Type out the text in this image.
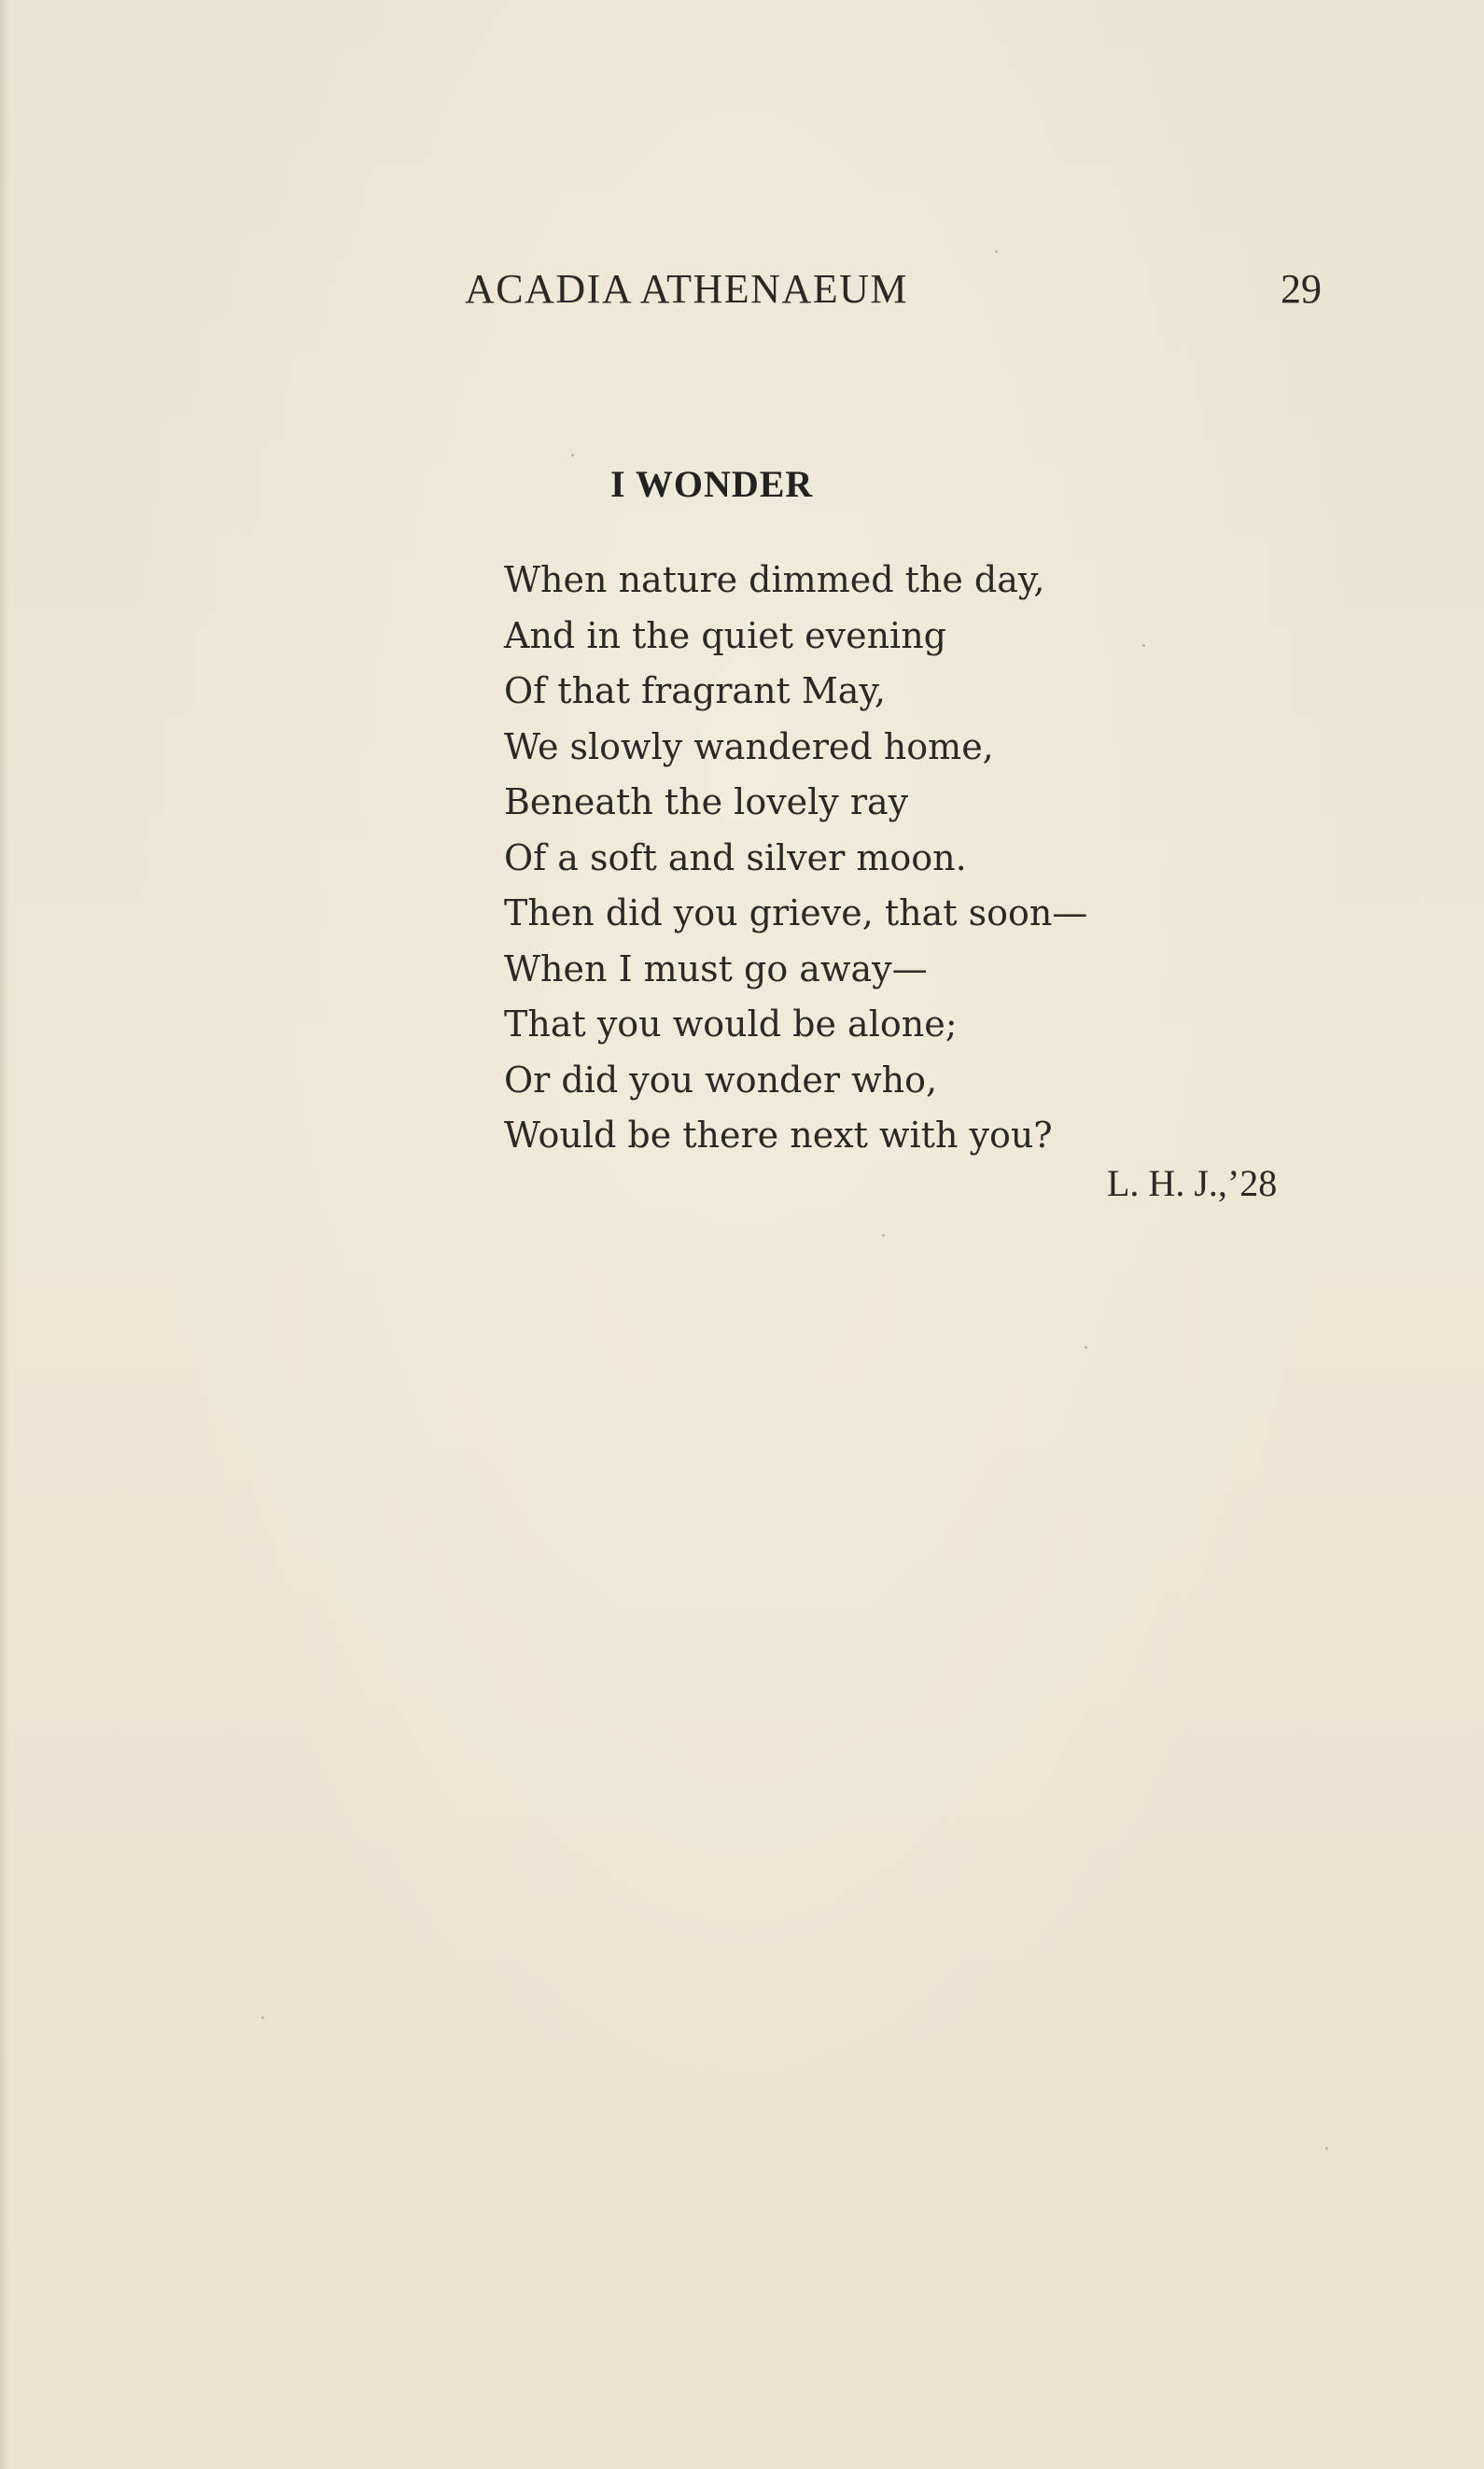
ACADIA ATHENAEUM	29
I WONDER
When nature dimmed the day,
And in the quiet evening
Of that fragrant May,
We slowly wandered home,
Beneath the lovely ray
Of a soft and silver moon.
Then did you grieve, that soon—
When I must go away—
That you would be alone;
Or did you wonder who,
Would be there next with you?
L. H. J.,’28
